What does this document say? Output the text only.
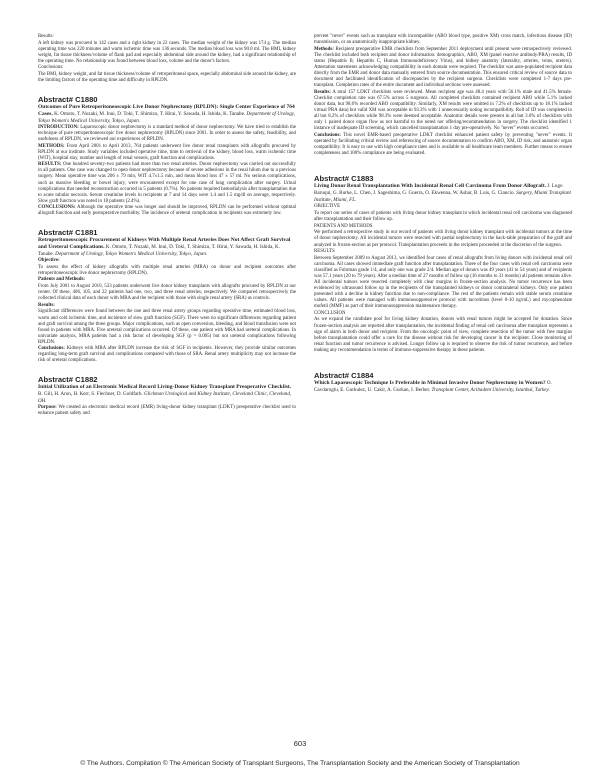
Results:

A left kidney was procured in 142 cases and a right kidney in 22 cases. The median weight of the kidney was 174 g. The median operating time was 220 minutes and warm ischemic time was 136 seconds. The median blood loss was 90.0 ml. The BMI, kidney weight, fat tissue thickness/volume of flank pad and especially abdominal side around the kidney, had a significant relationship of the operating time. No relationship was found between blood loss, volume and the donor's factors.

Conclusions:

The BMI, kidney weight, and fat tissue thickness/volume of retroperitoneal space, especially abdominal side around the kidney, are the limiting factors of the operating time and difficulty in RPLDN.

Abstract# C1880
Outcomes of Pure Retroperitoneoscopic Live Donor Nephrectomy (RPLDN): Single Center Experience of 764 Cases. K. Omoto, T. Nozaki, M. Inui, D. Toki, T. Shimizu, T. Hirai, Y. Sawada, H. Ishida, K. Tanabe. Department of Urology, Tokyo Women's Medical University, Tokyo, Japan.

INTRODUCTION: Laparoscopic donor nephrectomy is a standard method of donor nephrectomy. We have tried to establish the technique of pure retroperitoneoscopic live donor nephrectomy (RPLDN) since 2001. In order to assess the safety, feasibility, and usefulness of RPLDN, we reviewed our experiences of RPLDN.

METHODS: From April 2001 to April 2013, 764 patients underwent live donor renal transplants with allografts procured by RPLDN at our institute. Study variables included operative time, time to retrieval of the kidney, blood loss, warm ischemic time (WIT), hospital stay, number and length of renal vessels, graft function and complications.

RESULTS: One hundred seventy-two patients had more than two renal arteries. Donor nephrectomy was carried out successfully in all patients. One case was changed to open donor nephrectomy because of severe adhesions in the renal hilum due to a previous surgery. Mean operative time was 206 ± 79 min, WIT 4.7±1.5 min, and mean blood loss 47 ± 57 ml. No serious complications, such as massive bleeding or bowel injury, were encountered except for one case of lung complication after surgery. Urinal complications that needed reconstruction occurred in 5 patients (0.7%). No patients required hemodialysis after transplantation due to acute tubular necrosis. Serum creatinine levels in recipients at 7 and 14 days were 1.4 and 1.5 mg/dl on average, respectively. Slow graft function was noted in 18 patients (2.4%).

CONCLUSIONS: Although the operative time was longer and should be improved, RPLDN can be performed without optimal allograft function and early postoperative morbidity. The incidence of ureteral complication in recipients was extremely low.

Abstract# C1881
Retroperitoneoscopic Procurement of Kidneys With Multiple Renal Arteries Does Not Affect Graft Survival and Ureteral Complications. K. Omoto, T. Nozaki, M. Inui, D. Toki, T. Shimizu, T. Hirai, Y. Sawada, H. Ishida, K. Tanabe. Department of Urology, Tokyo Women's Medical University, Tokyo, Japan.

Objective:

To assess the effect of kidney allografts with multiple renal arteries (MRA) on donor and recipient outcomes after retroperitoneoscopic live donor nephrectomy (RPLDN).

Patients and Methods:

From July 2001 to August 2010, 533 patients underwent live donor kidney transplants with allografts procured by RPLDN at our center. Of these, 406, 105, and 22 patients had one, two, and three renal arteries, respectively. We compared retrospectively the collected clinical data of each donor with MRA and the recipient with those with single renal artery (SRA) as controls.

Results:

Significant differences were found between the one and three renal artery groups regarding operative time, estimated blood loss, warm and cold ischemic time, and incidence of slow graft function (SGF). There were no significant differences regarding patient and graft survival among the three groups. Major complications, such as open conversion, bleeding, and blood transfusion were not found in patients with MRA. Five ureteral complications occurred. Of these, one patient with MRA had ureteral complications. In univariate analysis, MRA patients had a risk factor of developing SGF (p = 0.005) but not ureteral complications following RPLDN.

Conclusions: Kidneys with MRA after RPLDN increase the risk of SGF in recipients. However, they provide similar outcomes regarding long-term graft survival and complications compared with those of SRA. Renal artery multiplicity may not increase the risk of ureteral complications.

Abstract# C1882
Initial Utilization of an Electronic Medical Record Living-Donor Kidney Transplant Preoperative Checklist. B. Gill, H. Aron, H. Kerr, S. Flechner, D. Goldfarb. Glickman Urological and Kidney Institute, Cleveland Clinic, Cleveland, OH.

Purpose: We created an electronic medical record (EMR) living-donor kidney transplant (LDKT) preoperative checklist used to enhance patient safety and

prevent "never" events such as transplant with incompatible (ABO blood type, positive XM) cross match, infectious disease (ID) transmission, or an anatomically inappropriate kidney.

Methods: Recipient preoperative EMR checklists from September 2011 deployment until present were retrospectively reviewed. The checklist included both recipient and donor information: demographics, ABO, XM (panel reactive antibody/PRA) results, ID status (Hepatitis B, Hepatitis C, Human Immunodeficiency Virus), and kidney anatomy (laterality, arteries, veins, ureters). Attestation statements acknowledging compatibility in each domain were required. The checklist was auto-populated recipient data directly from the EMR and donor data manually entered from source documentation. This ensured critical review of source data to document and facilitated identification of discrepancies by the recipient surgeon. Checklists were completed 1-7 days pre-transplant. Completion rates of the entire document and individual sections were assessed.

Results: A total 157 LDKT checklists were reviewed. Mean recipient age was 48.4 years with 56.1% male and 41.5% female. Checklist completion rate was 67.5% across 5 surgeons. All completed checklists contained recipient ABO while 5.1% lacked donor data, but 98.6% recorded ABO compatibility. Similarly, XM results were omitted in 7.2% of checklists up to 18.1% lacked virtual PRA data) but valid XM was acceptable in 93.3% with 1 unnecessarily noting incompatibility. Roll of ID was completed in all but 8.2% of checklists while 98.3% were deemed acceptable. Anatomic details were present in all but 3.6% of checklists with only 1 paired donor organ flow as not harmful to the noted nor offering/recommendation in surgery. The checklist identified 1 instance of inadequate ID screening, which cancelled transplantation 1 day pre-operatively. No "never" events occurred.

Conclusions: This novel EMR-based preoperative LDKT checklist enhanced patient safety by preventing "never" events. It operated by facilitating critical review and referencing of source documentation to confirm ABO, XM, ID risk, and anatomic organ compatibility. It is easy to use with high compliance rates and is available to all healthcare team members. Further means to ensure completeness and 100% compliance are being evaluated.

Abstract# C1883
Living Donor Renal Transplantation With Incidental Renal Cell Carcinoma From Donor Allograft. J. Lugo Baruqui, G. Burke, L. Chen, J. Sageshima, G. Guerra, O. Ekwenna, W. Ashar, B. Luis, G. Ciancio. Surgery, Miami Transplant Institute, Miami, FL.

OBJECTIVE

To report our series of cases of patients with living donor kidney transplant in which incidental renal cell carcinoma was diagnosed after transplantation and their follow up.

PATIENTS AND METHODS

We performed a retrospective study in our record of patients with living donor kidney transplant with incidental tumors at the time of donor nephrectomy. All incidental tumors were resected with partial nephrectomy in the back-table preparation of the graft and analyzed in frozen-section as per protocol. Transplantation proceeds in the recipient proceeded at the discretion of the surgeon.

RESULTS

Between September 2009 to August 2013, we identified four cases of renal allografts from living donors with incidental renal cell carcinoma. All cases showed immediate graft function after transplantation. Three of the four cases with renal cell carcinoma were classified as Fuhrman grade 1/4, and only one was grade 2/4. Median age of donors was 49 years (41 to 54 years) and of recipients was 57.1 years (20 to 79 years). After a median time of 27 months of follow up (16 months to 31 months) all patients remains alive. All incidental tumors were resected completely with clear margins in frozen-section analysis. No tumor recurrence has been evidenced by ultrasound follow up in the recipients of the transplanted kidneys or donor contralateral kidneys. Only one patient presented with a decline in kidney function due to non-compliance. The rest of the patients remain with stable serum creatinine values. All patients were managed with immunosuppressive protocol with tacrolimus (level 8-10 ng/mL) and mycophenolate mofetil (MMF) as part of their immunosuppression maintenance therapy.

CONCLUSION

As we expand the candidate pool for living kidney donation, donors with renal tumors might be accepted for donation. Since frozen-section analysis are reported after transplantation, the incidental finding of renal cell carcinoma after transplant represents a sign of alarm in both donor and recipient. From the oncologic point of view, complete resection of the tumor with free margins before transplantation could offer a cure for the disease without risk for developing cancer in the recipient. Close monitoring of renal function and tumor recurrence is advised. Longer follow up is required to observe the risk of tumor recurrence, and before making any recommendation in terms of immuno-suppressive therapy in these patients.

Abstract# C1884
Which Laparoscopic Technique Is Preferable in Minimal Invasive Donor Nephrectomy in Women? O. Cavdaroglu, E. Gurkulez, U. Cakir, A. Gurkan, I. Berber. Transplant Center, Acibadem University, Istanbul, Turkey.
603
© The Authors. Compilation © The American Society of Transplant Surgeons, The Transplantation Society and the American Society of Transplantation
